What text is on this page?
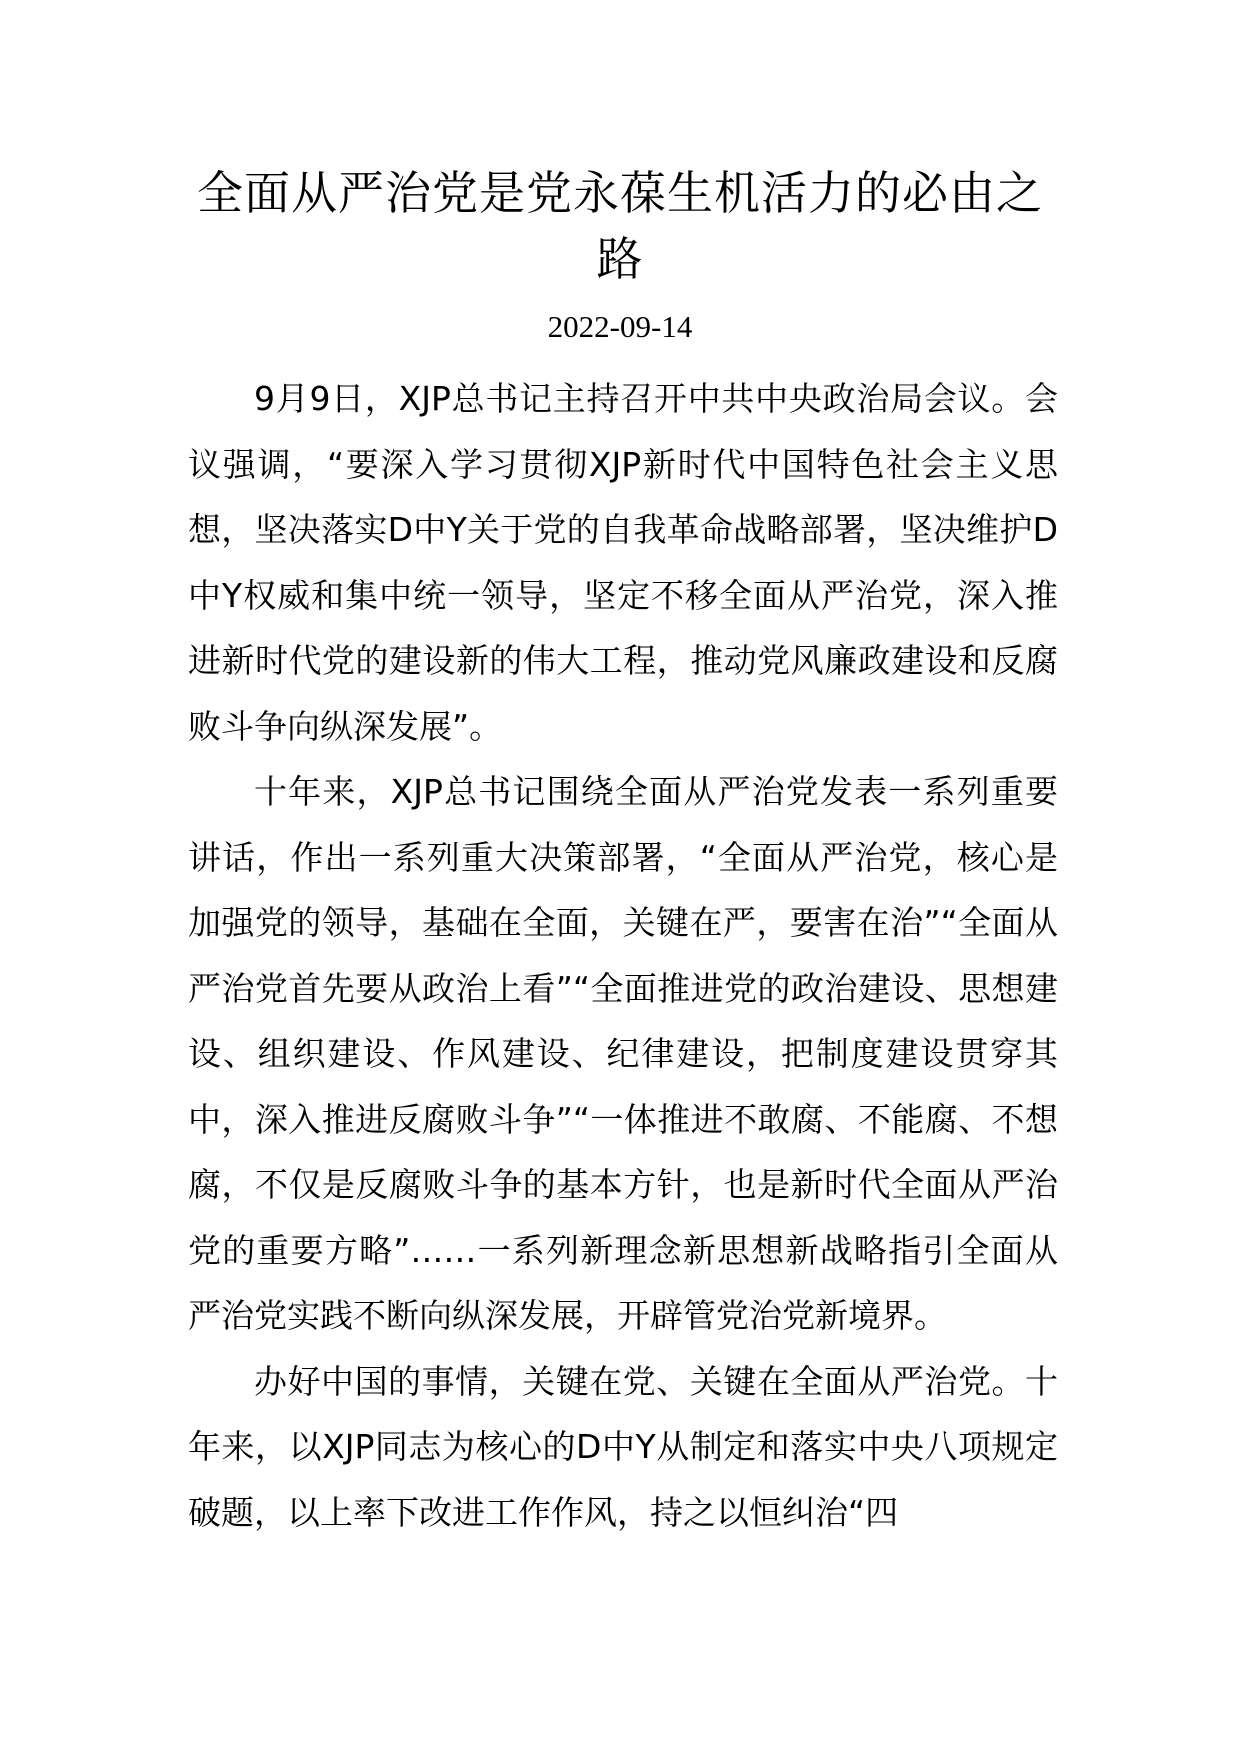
全面从严治党是党永葆生机活力的必由之路
2022-09-14

9月9日，XJP总书记主持召开中共中央政治局会议。会议强调，“要深入学习贯彻XJP新时代中国特色社会主义思想，坚决落实D中Y关于党的自我革命战略部署，坚决维护D中Y权威和集中统一领导，坚定不移全面从严治党，深入推进新时代党的建设新的伟大工程，推动党风廉政建设和反腐败斗争向纵深发展”。

十年来，XJP总书记围绕全面从严治党发表一系列重要讲话，作出一系列重大决策部署，“全面从严治党，核心是加强党的领导，基础在全面，关键在严，要害在治”“全面从严治党首先要从政治上看”“全面推进党的政治建设、思想建设、组织建设、作风建设、纪律建设，把制度建设贯穿其中，深入推进反腐败斗争”“一体推进不敢腐、不能腐、不想腐，不仅是反腐败斗争的基本方针，也是新时代全面从严治党的重要方略”……一系列新理念新思想新战略指引全面从严治党实践不断向纵深发展，开辟管党治党新境界。

办好中国的事情，关键在党、关键在全面从严治党。十年来，以XJP同志为核心的D中Y从制定和落实中央八项规定破题，以上率下改进工作作风，持之以恒纠治“四
